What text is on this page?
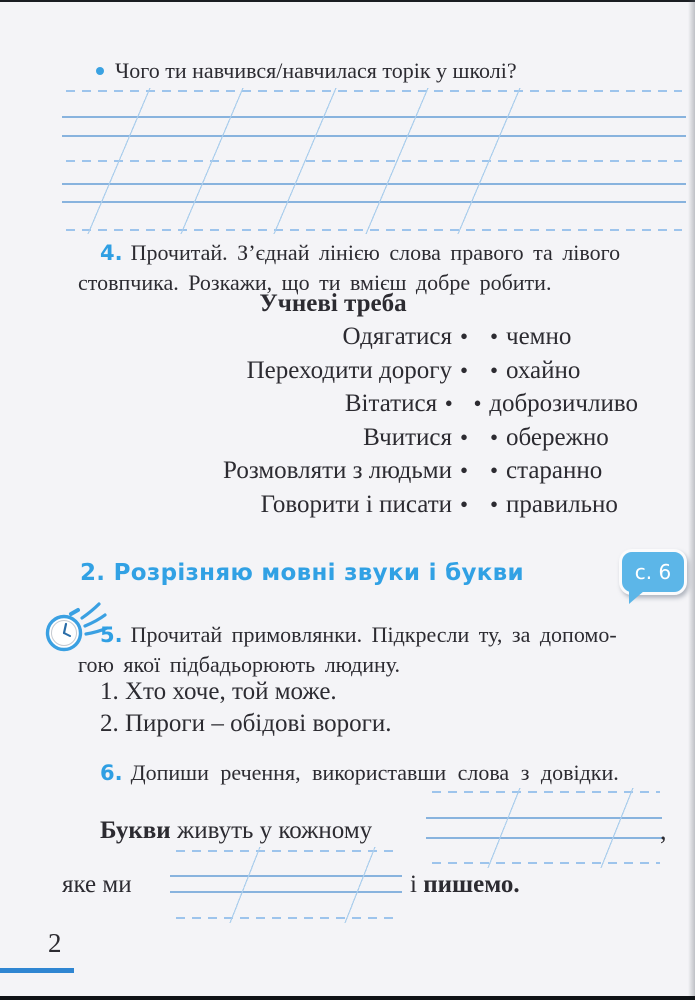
Чого ти навчився/навчилася торік у школі?

4. Прочитай. З’єднай лінією слова правого та лівого
стовпчика. Розкажи, що ти вмієш добре робити.

Учневі треба
Одягатися • • чемно
Переходити дорогу • • охайно
Вітатися • • доброзичливо
Вчитися • • обережно
Розмовляти з людьми • • старанно
Говорити і писати • • правильно
2. Розрізняю мовні звуки і букви	с. 6

5. Прочитай примовлянки. Підкресли ту, за допомо-
гою якої підбадьорюють людину.

1. Хто хоче, той може.
2. Пироги – обідові вороги.

6. Допиши речення, використавши слова з довідки.

Букви живуть у кожному	,
яке ми	і пишемо.
2
